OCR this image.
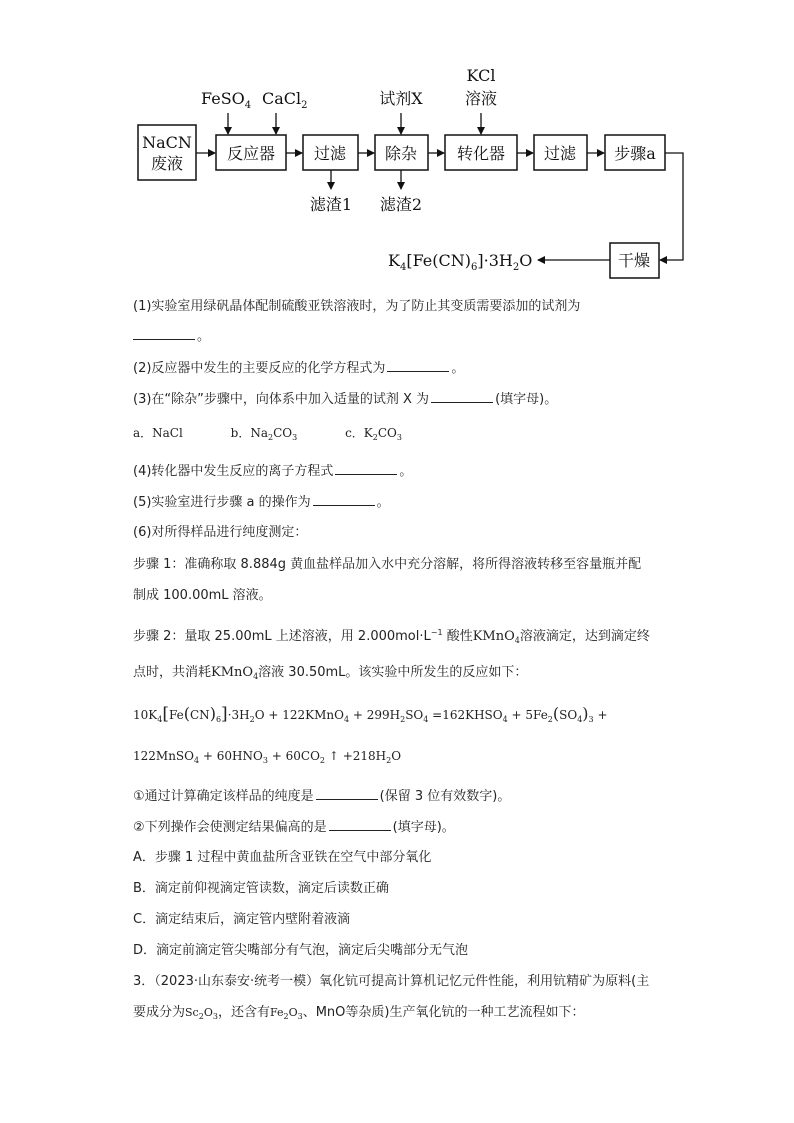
NaCN
废液
反应器 过滤 除杂 转化器 过滤 步骤a
干燥
FeSO$_4$ CaCl$_2$	试剂X
KCl
溶液
滤渣1 滤渣2
$K_4[Fe(CN)_6]\cdot 3H_2O$
(1)实验室用绿矾晶体配制硫酸亚铁溶液时，为了防止其变质需要添加的试剂为
。
(2)反应器中发生的主要反应的化学方程式为	。
(3)在“除杂”步骤中，向体系中加入适量的试剂 X 为	(填字母)。
a．NaCl	b．$Na_2CO_3$	c．$K_2CO_3$
(4)转化器中发生反应的离子方程式	。
(5)实验室进行步骤 a 的操作为	。
(6)对所得样品进行纯度测定：
步骤 1：准确称取 8.884g 黄血盐样品加入水中充分溶解，将所得溶液转移至容量瓶并配
制成 100.00mL 溶液。
步骤 2：量取 25.00mL 上述溶液，用 $2.000mol\cdot L^{-1}$ 酸性KMnO$_4$溶液滴定，达到滴定终
点时，共消耗KMnO$_4$溶液 30.50mL。该实验中所发生的反应如下：
$10K_4[Fe(CN)_6]\cdot 3H_2O$ + 122KMnO$_4$ + $299H_2SO_4$ $=162KHSO_4 + 5Fe_2(SO_4)_3$ +
122MnSO$_4$ + $60HNO_3 + 60CO_2$ ↑ $+218H_2O$
①通过计算确定该样品的纯度是	(保留 3 位有效数字)。
②下列操作会使测定结果偏高的是	(填字母)。
A．步骤 1 过程中黄血盐所含亚铁在空气中部分氧化
B．滴定前仰视滴定管读数，滴定后读数正确
C．滴定结束后，滴定管内壁附着液滴
D．滴定前滴定管尖嘴部分有气泡，滴定后尖嘴部分无气泡
3．（2023·山东泰安·统考一模）氧化钪可提高计算机记忆元件性能，利用钪精矿为原料(主
要成分为$Sc_2O_3$，还含有$Fe_2O_3$、MnO等杂质)生产氧化钪的一种工艺流程如下：
